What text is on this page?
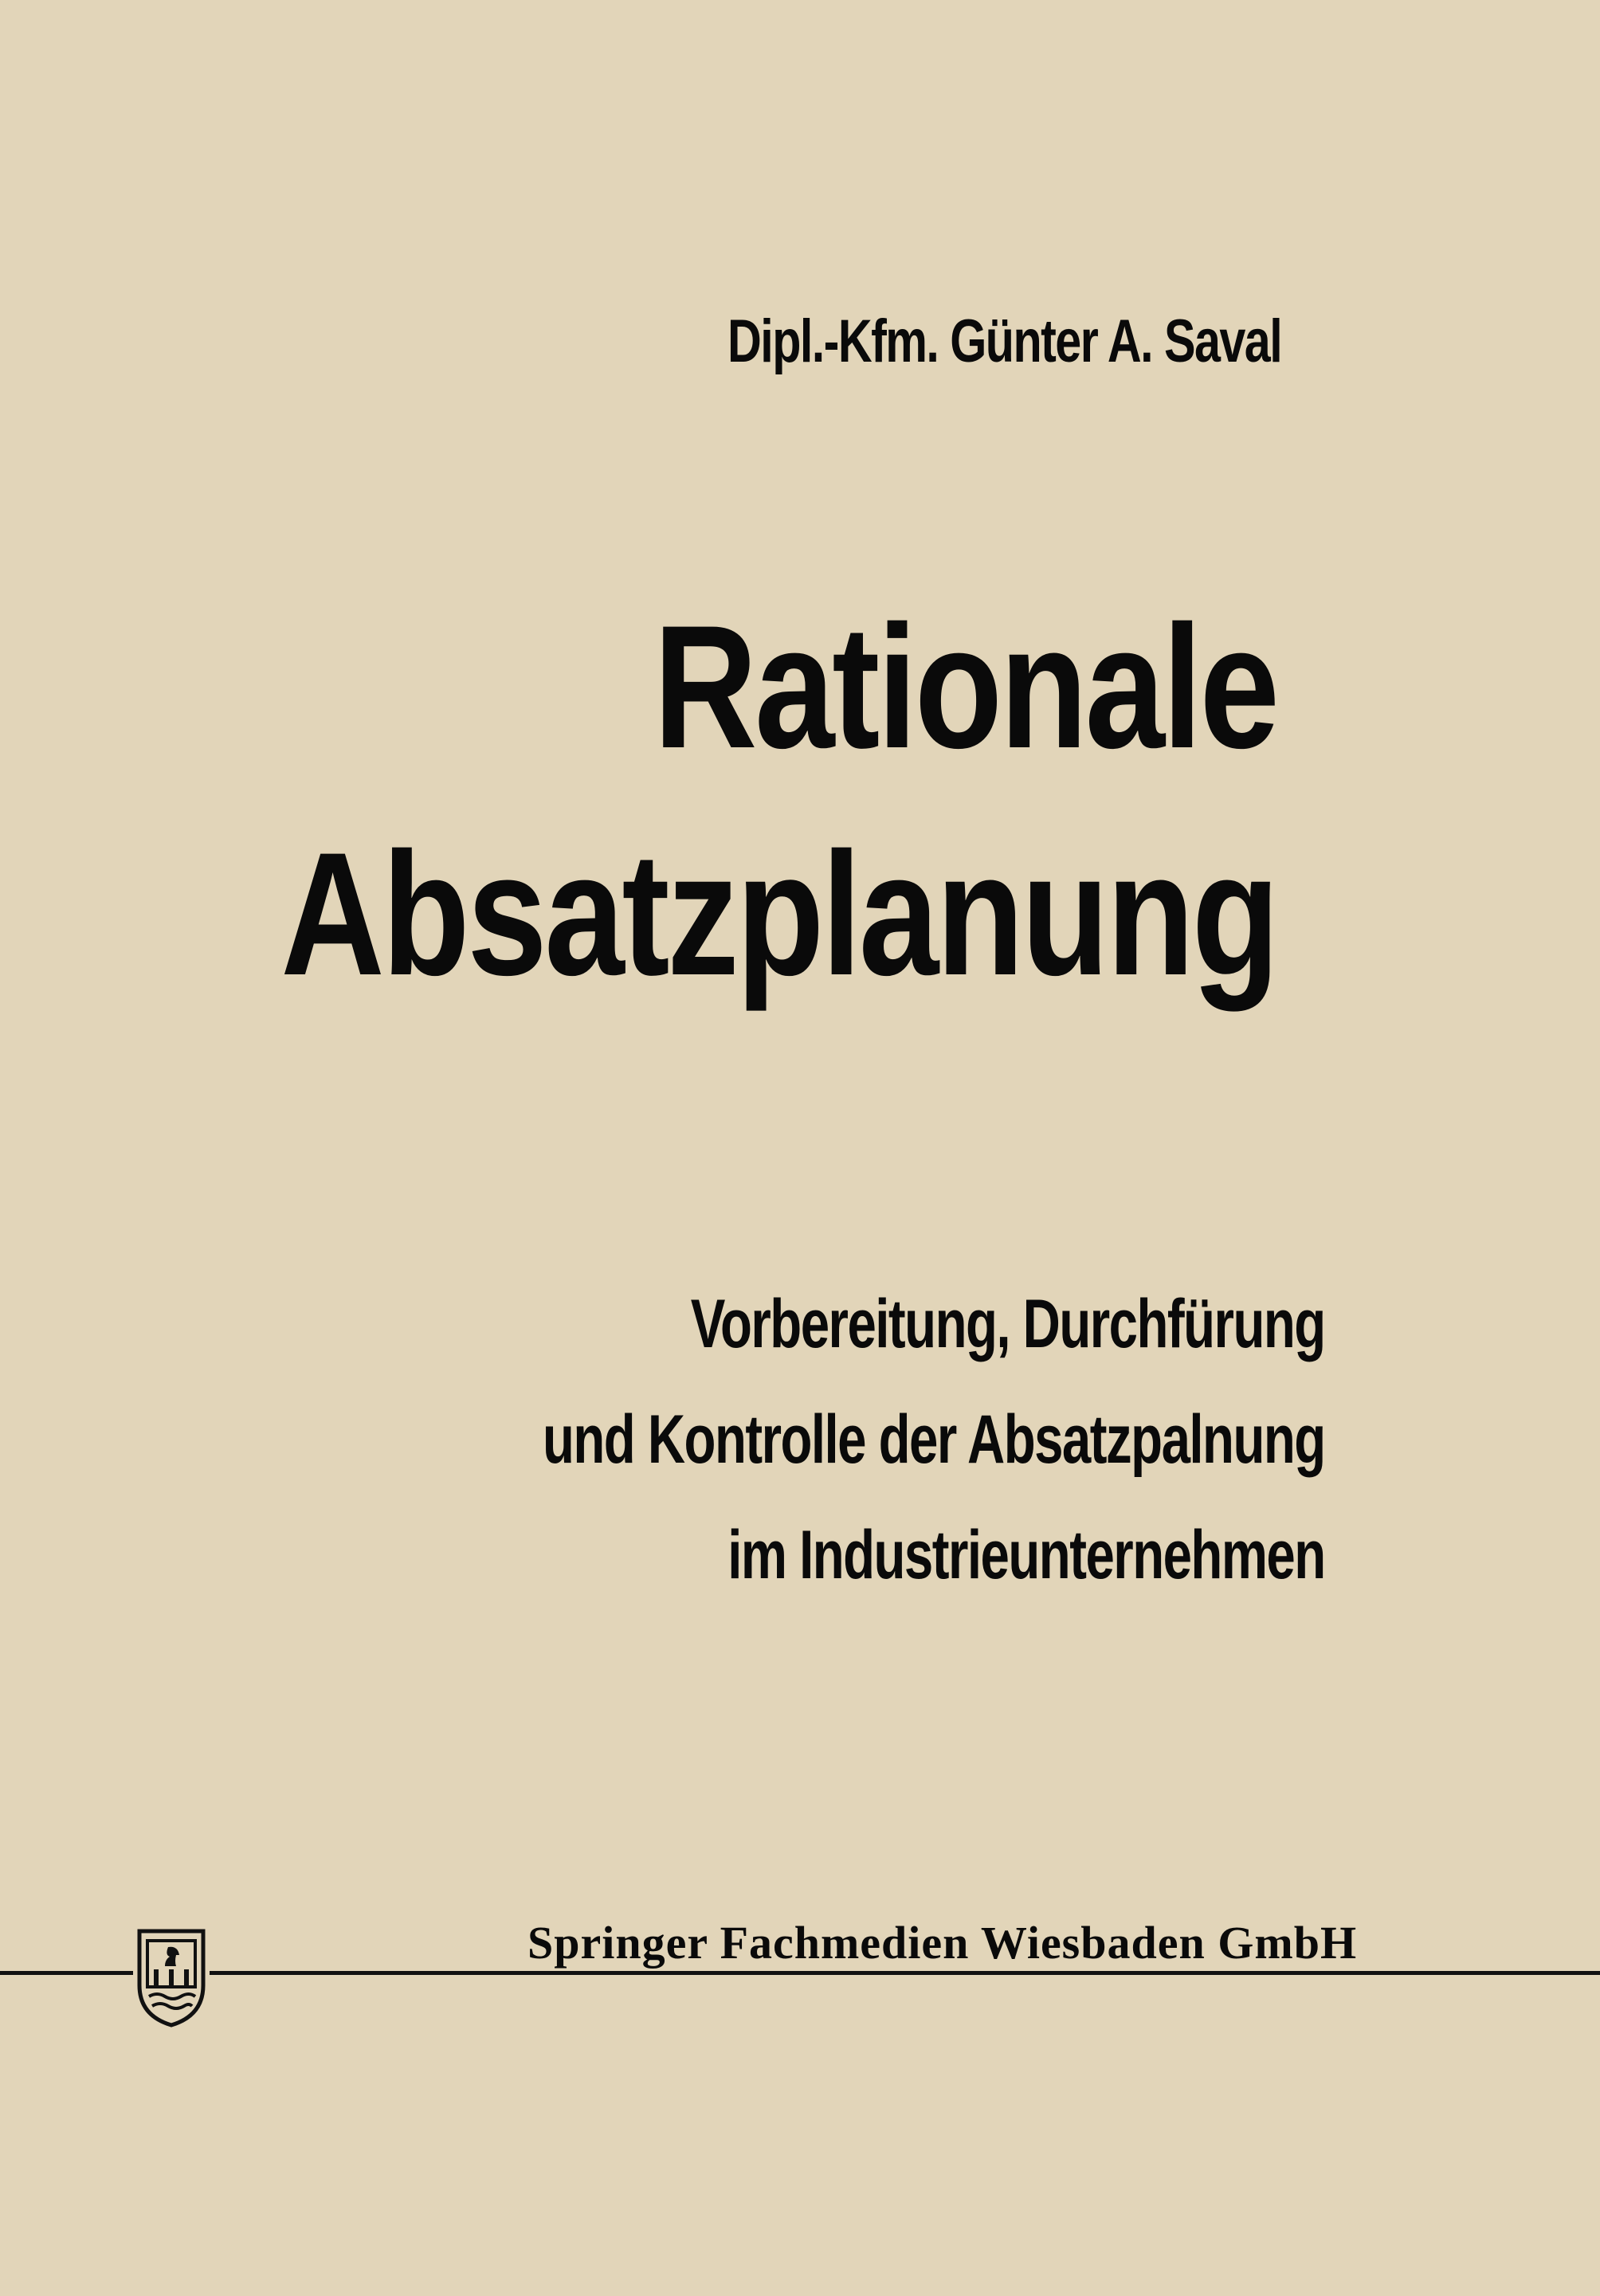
Dipl.-Kfm. Günter A. Saval
Rationale
Absatzplanung
Vorbereitung, Durchfürung
und Kontrolle der Absatzpalnung
im Industrieunternehmen
Springer Fachmedien Wiesbaden GmbH
